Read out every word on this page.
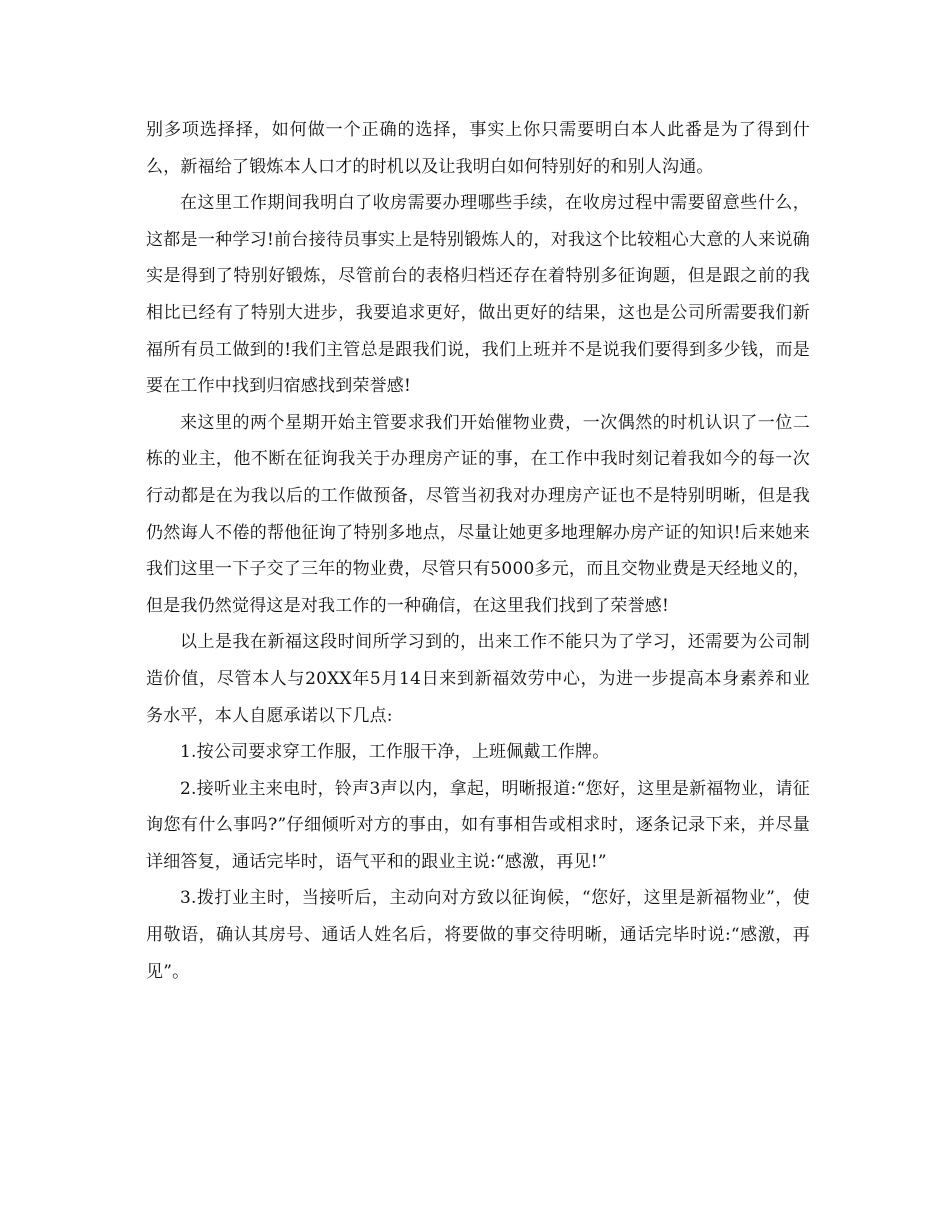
别多项选择择，如何做一个正确的选择，事实上你只需要明白本人此番是为了得到什么，新福给了锻炼本人口才的时机以及让我明白如何特别好的和别人沟通。

在这里工作期间我明白了收房需要办理哪些手续，在收房过程中需要留意些什么，这都是一种学习!前台接待员事实上是特别锻炼人的，对我这个比较粗心大意的人来说确实是得到了特别好锻炼，尽管前台的表格归档还存在着特别多征询题，但是跟之前的我相比已经有了特别大进步，我要追求更好，做出更好的结果，这也是公司所需要我们新福所有员工做到的!我们主管总是跟我们说，我们上班并不是说我们要得到多少钱，而是要在工作中找到归宿感找到荣誉感!

来这里的两个星期开始主管要求我们开始催物业费，一次偶然的时机认识了一位二栋的业主，他不断在征询我关于办理房产证的事，在工作中我时刻记着我如今的每一次行动都是在为我以后的工作做预备，尽管当初我对办理房产证也不是特别明晰，但是我仍然诲人不倦的帮他征询了特别多地点，尽量让她更多地理解办房产证的知识!后来她来我们这里一下子交了三年的物业费，尽管只有5000多元，而且交物业费是天经地义的，但是我仍然觉得这是对我工作的一种确信，在这里我们找到了荣誉感!

以上是我在新福这段时间所学习到的，出来工作不能只为了学习，还需要为公司制造价值，尽管本人与20XX年5月14日来到新福效劳中心，为进一步提高本身素养和业务水平，本人自愿承诺以下几点:

1.按公司要求穿工作服，工作服干净，上班佩戴工作牌。

2.接听业主来电时，铃声3声以内，拿起，明晰报道:“您好，这里是新福物业，请征询您有什么事吗?”仔细倾听对方的事由，如有事相告或相求时，逐条记录下来，并尽量详细答复，通话完毕时，语气平和的跟业主说:“感激，再见!”

3.拨打业主时，当接听后，主动向对方致以征询候，“您好，这里是新福物业”，使用敬语，确认其房号、通话人姓名后，将要做的事交待明晰，通话完毕时说:“感激，再见”。
